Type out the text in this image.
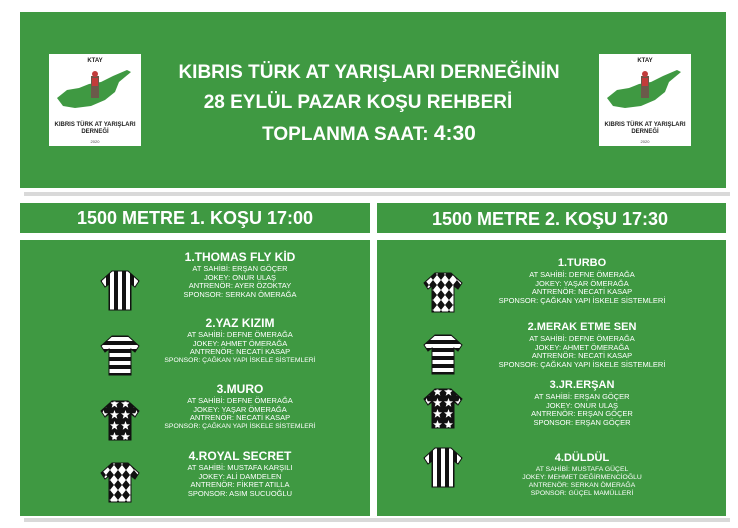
KTAY
KIBRIS TÜRK AT YARIŞLARI
DERNEĞİ
2020
KTAY
KIBRIS TÜRK AT YARIŞLARI
DERNEĞİ
2020
KIBRIS TÜRK AT YARIŞLARI DERNEĞİNİN
28 EYLÜL PAZAR KOŞU REHBERİ
TOPLANMA SAAT: 4:30
1500 METRE 1. KOŞU 17:00	1500 METRE 2. KOŞU 17:30
1.THOMAS FLY KİD
AT SAHİBİ: ERŞAN GÖÇER
JOKEY: ONUR ULAŞ
ANTRENÖR: AYER ÖZOKTAY
SPONSOR: SERKAN ÖMERAĞA
2.YAZ KIZIM
AT SAHİBİ: DEFNE ÖMERAĞA
JOKEY: AHMET ÖMERAĞA
ANTRENÖR: NECATİ KASAP
SPONSOR: ÇAĞKAN YAPI İSKELE SİSTEMLERİ
3.MURO
AT SAHİBİ: DEFNE ÖMERAĞA
JOKEY: YAŞAR ÖMERAĞA
ANTRENÖR: NECATİ KASAP
SPONSOR: ÇAĞKAN YAPI İSKELE SİSTEMLERİ
4.ROYAL SECRET
AT SAHİBİ: MUSTAFA KARŞILI
JOKEY: ALİ DAMDELEN
ANTRENÖR: FİKRET ATILLA
SPONSOR: ASIM SUCUOĞLU
1.TURBO
AT SAHİBİ: DEFNE ÖMERAĞA
JOKEY: YAŞAR ÖMERAĞA
ANTRENÖR: NECATİ KASAP
SPONSOR: ÇAĞKAN YAPI İSKELE SİSTEMLERİ
2.MERAK ETME SEN
AT SAHİBİ: DEFNE ÖMERAĞA
JOKEY: AHMET ÖMERAĞA
ANTRENÖR: NECATİ KASAP
SPONSOR: ÇAĞKAN YAPI İSKELE SİSTEMLERİ
3.JR.ERŞAN
AT SAHİBİ: ERŞAN GÖÇER
JOKEY: ONUR ULAŞ
ANTRENÖR: ERŞAN GÖÇER
SPONSOR: ERŞAN GÖÇER
4.DÜLDÜL
AT SAHİBİ: MUSTAFA GÜÇEL
JOKEY: MEHMET DEĞİRMENCİOĞLU
ANTRENÖR: SERKAN ÖMERAĞA
SPONSOR: GÜÇEL MAMÜLLERİ
